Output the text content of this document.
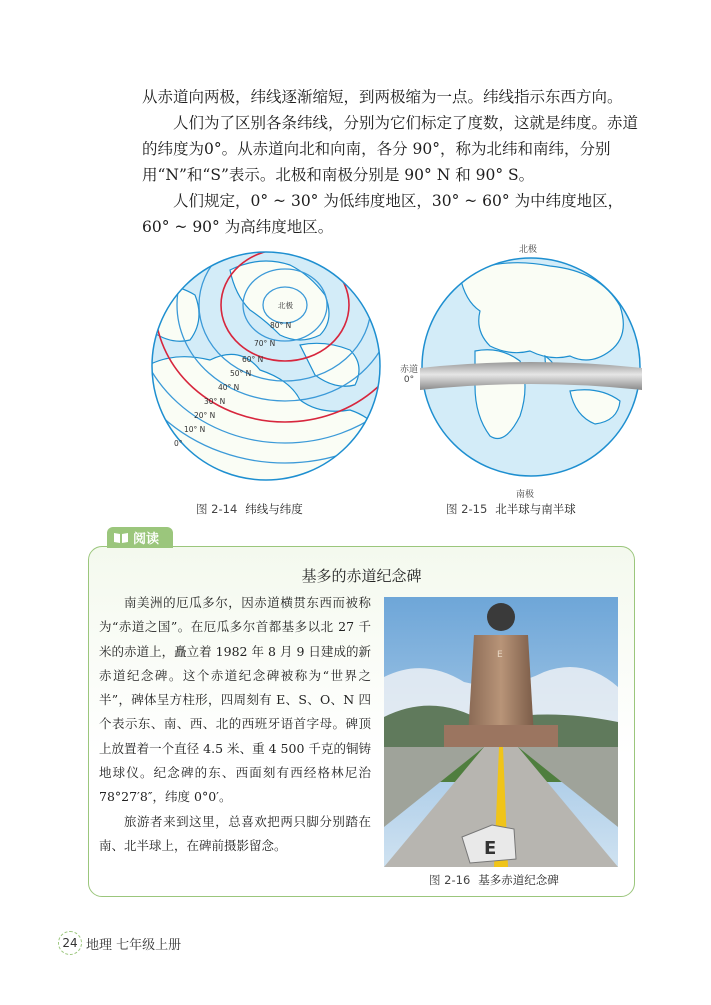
从赤道向两极，纬线逐渐缩短，到两极缩为一点。纬线指示东西方向。

人们为了区别各条纬线，分别为它们标定了度数，这就是纬度。赤道的纬度为0°。从赤道向北和向南，各分 90°，称为北纬和南纬，分别用“N”和“S”表示。北极和南极分别是 90° N 和 90° S。

人们规定，0° ~ 30° 为低纬度地区，30° ~ 60° 为中纬度地区，60° ~ 90° 为高纬度地区。

北极
80° N
70° N
60° N
50° N
40° N
30° N
20° N
10° N
0°
图 2-14 纬线与纬度
北极
赤道
0°
南极
图 2-15 北半球与南半球
阅读
基多的赤道纪念碑

南美洲的厄瓜多尔，因赤道横贯东西而被称为“赤道之国”。在厄瓜多尔首都基多以北 27 千米的赤道上，矗立着 1982 年 8 月 9 日建成的新赤道纪念碑。这个赤道纪念碑被称为“世界之半”，碑体呈方柱形，四周刻有 E、S、O、N 四个表示东、南、西、北的西班牙语首字母。碑顶上放置着一个直径 4.5 米、重 4 500 千克的铜铸地球仪。纪念碑的东、西面刻有西经格林尼治 78°27′8″，纬度 0°0′。

旅游者来到这里，总喜欢把两只脚分别踏在南、北半球上，在碑前摄影留念。

E
E
图 2-16 基多赤道纪念碑
24 地理 七年级上册
